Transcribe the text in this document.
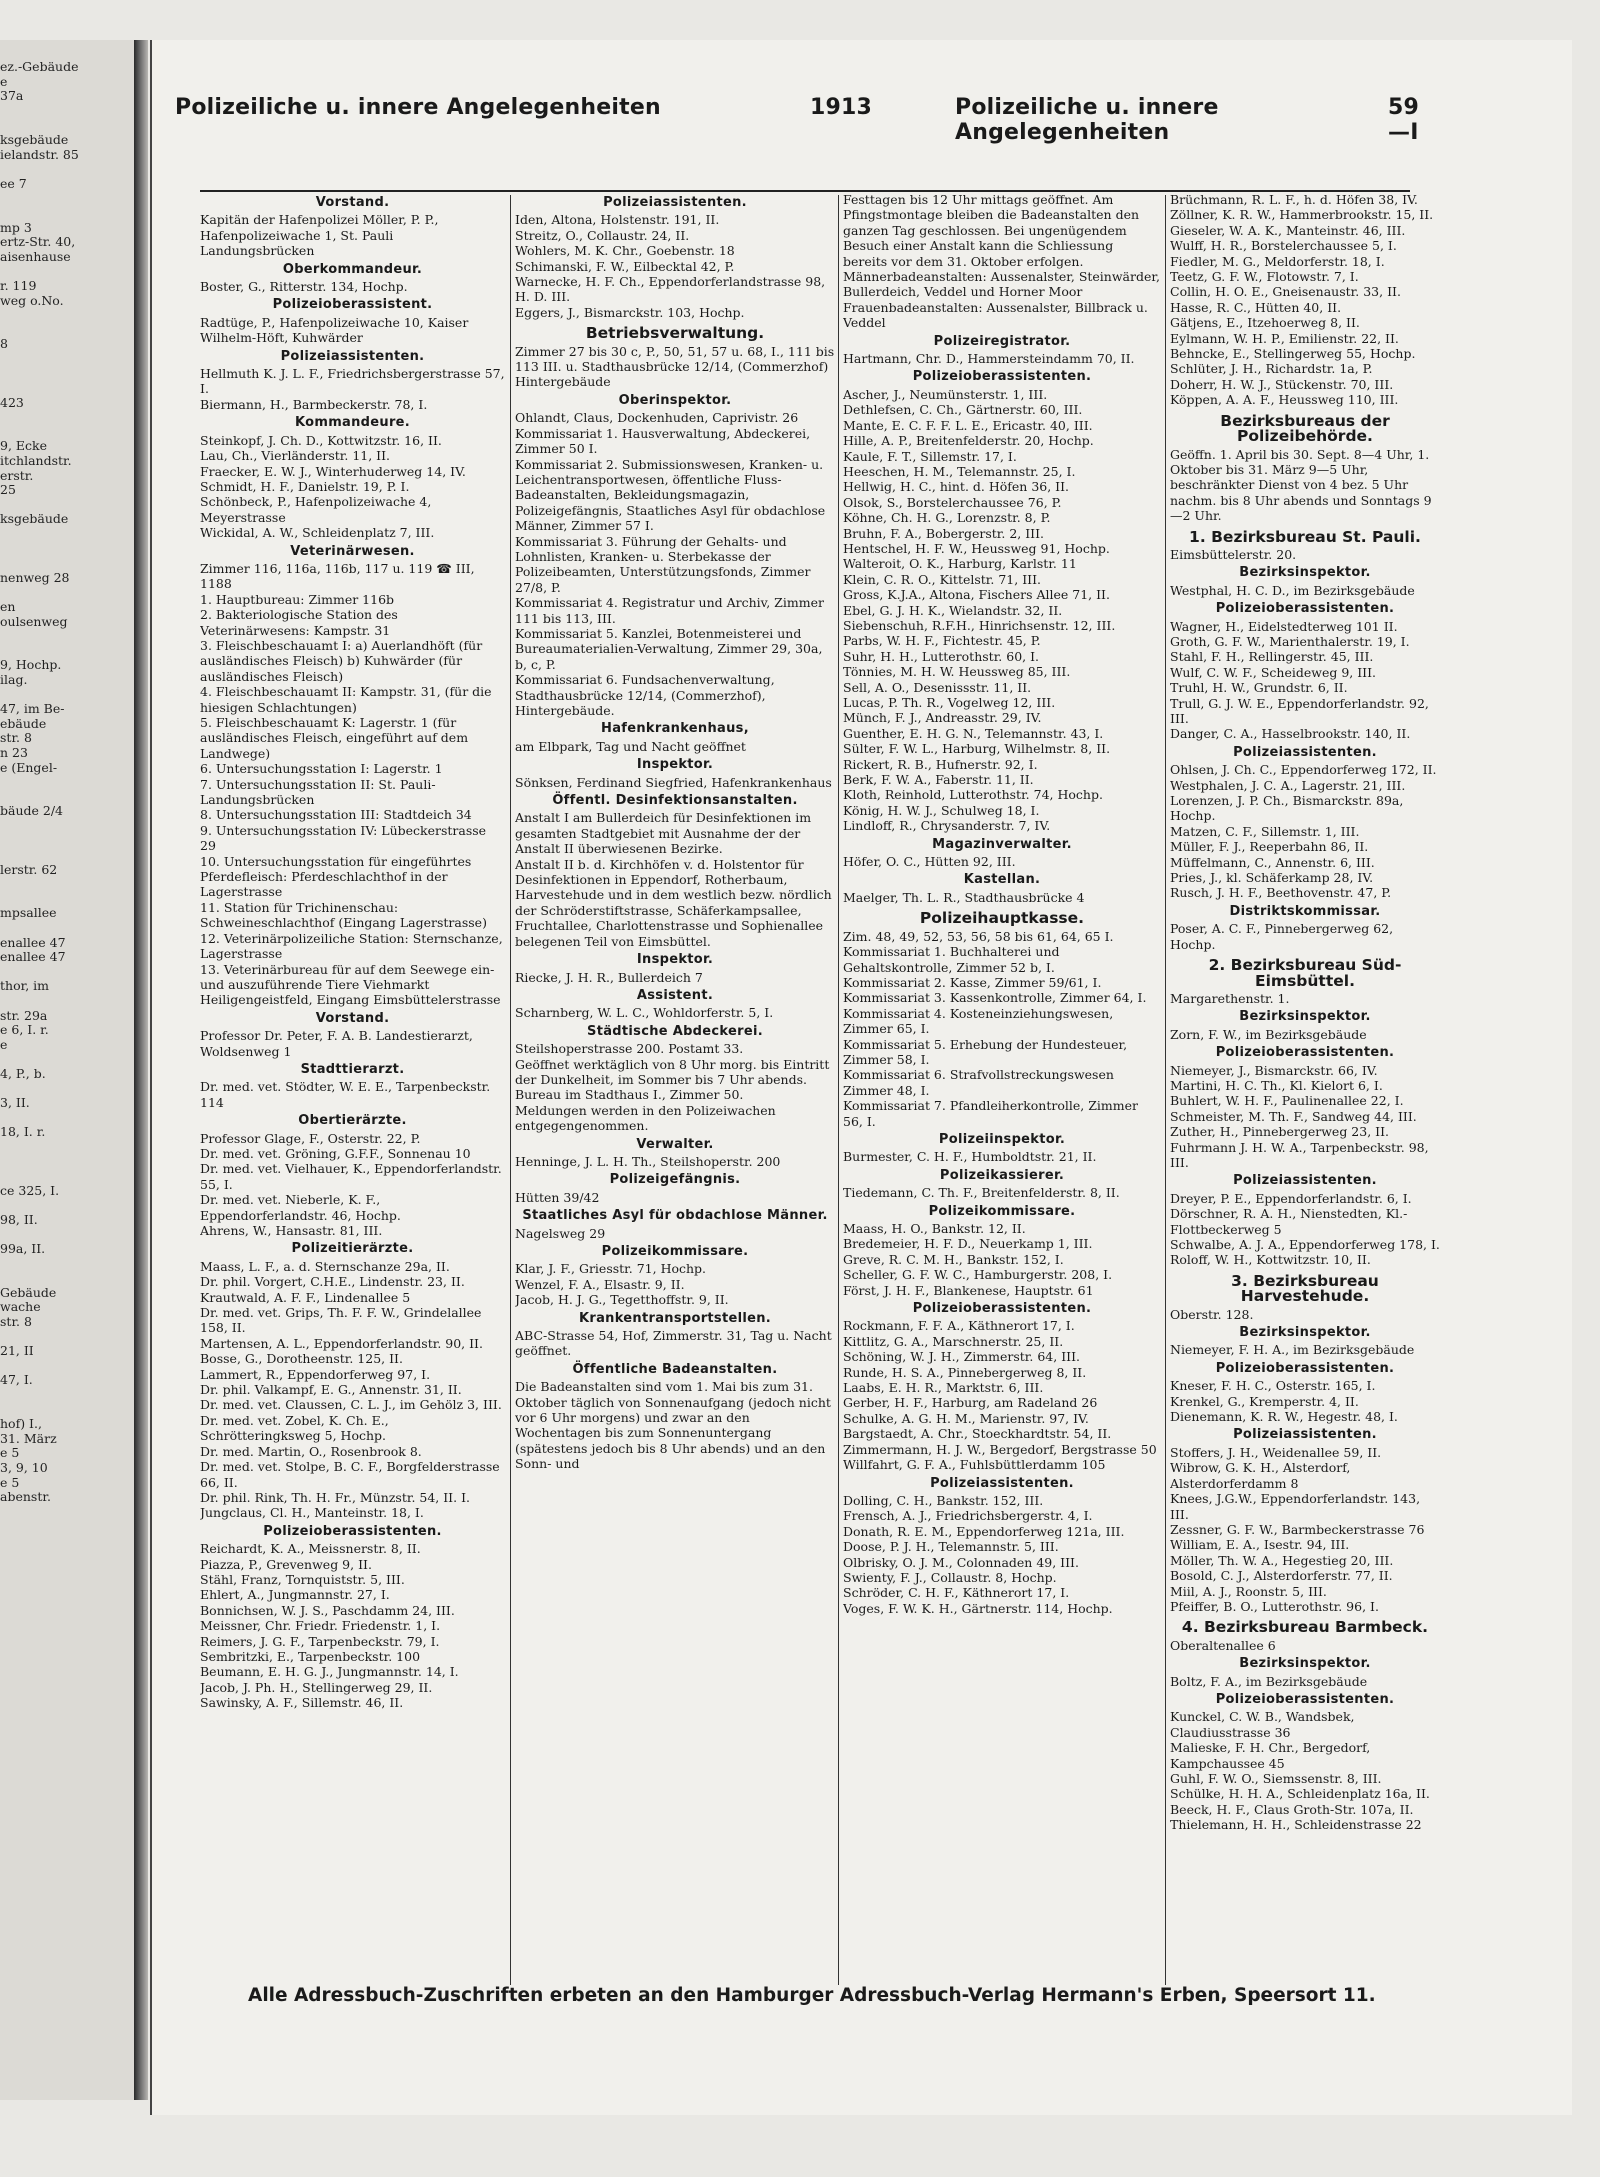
ez.-Gebäude
e
37a
ksgebäude
ielandstr. 85
ee 7
mp 3
ertz-Str. 40,
aisenhause
r. 119
weg o.No.
8
423
9, Ecke
itchlandstr.
erstr.
25
ksgebäude
nenweg 28
en
oulsenweg
9, Hochp.
ilag.
47, im Be-
ebäude
str. 8
n 23
e (Engel-
bäude 2/4
lerstr. 62
mpsallee
enallee 47
enallee 47
thor, im
str. 29a
e 6, I. r.
e
4, P., b.
3, II.
18, I. r.
ce 325, I.
98, II.
99a, II.
Gebäude
wache
str. 8
21, II
47, I.
hof) I.,
31. März
e 5
3, 9, 10
e 5
abenstr.
Polizeiliche u. innere Angelegenheiten	1913	Polizeiliche u. innere Angelegenheiten
59—I

Vorstand.

Kapitän der Hafenpolizei Möller, P. P., Hafenpolizeiwache 1, St. Pauli Landungsbrücken

Oberkommandeur.

Boster, G., Ritterstr. 134, Hochp.

Polizeioberassistent.

Radtüge, P., Hafenpolizeiwache 10, Kaiser Wilhelm-Höft, Kuhwärder

Polizeiassistenten.

Hellmuth K. J. L. F., Friedrichsbergerstrasse 57, I.

Biermann, H., Barmbeckerstr. 78, I.

Kommandeure.

Steinkopf, J. Ch. D., Kottwitzstr. 16, II.

Lau, Ch., Vierländerstr. 11, II.

Fraecker, E. W. J., Winterhuderweg 14, IV.

Schmidt, H. F., Danielstr. 19, P. I.

Schönbeck, P., Hafenpolizeiwache 4, Meyerstrasse

Wickidal, A. W., Schleidenplatz 7, III.

Veterinärwesen.

Zimmer 116, 116a, 116b, 117 u. 119 ☎ III, 1188

1. Hauptbureau: Zimmer 116b

2. Bakteriologische Station des Veterinärwesens: Kampstr. 31

3. Fleischbeschauamt I: a) Auerlandhöft (für ausländisches Fleisch) b) Kuhwärder (für ausländisches Fleisch)

4. Fleischbeschauamt II: Kampstr. 31, (für die hiesigen Schlachtungen)

5. Fleischbeschauamt K: Lagerstr. 1 (für ausländisches Fleisch, eingeführt auf dem Landwege)

6. Untersuchungsstation I: Lagerstr. 1

7. Untersuchungsstation II: St. Pauli-Landungsbrücken

8. Untersuchungsstation III: Stadtdeich 34

9. Untersuchungsstation IV: Lübeckerstrasse 29

10. Untersuchungsstation für eingeführtes Pferdefleisch: Pferdeschlachthof in der Lagerstrasse

11. Station für Trichinenschau: Schweineschlachthof (Eingang Lagerstrasse)

12. Veterinärpolizeiliche Station: Sternschanze, Lagerstrasse

13. Veterinärbureau für auf dem Seewege ein- und auszuführende Tiere Viehmarkt Heiligengeistfeld, Eingang Eimsbüttelerstrasse

Vorstand.

Professor Dr. Peter, F. A. B. Landestierarzt, Woldsenweg 1

Stadttierarzt.

Dr. med. vet. Stödter, W. E. E., Tarpenbeckstr. 114

Obertierärzte.

Professor Glage, F., Osterstr. 22, P.

Dr. med. vet. Gröning, G.F.F., Sonnenau 10

Dr. med. vet. Vielhauer, K., Eppendorferlandstr. 55, I.

Dr. med. vet. Nieberle, K. F., Eppendorferlandstr. 46, Hochp.

Ahrens, W., Hansastr. 81, III.

Polizeitierärzte.

Maass, L. F., a. d. Sternschanze 29a, II.

Dr. phil. Vorgert, C.H.E., Lindenstr. 23, II.

Krautwald, A. F. F., Lindenallee 5

Dr. med. vet. Grips, Th. F. F. W., Grindelallee 158, II.

Martensen, A. L., Eppendorferlandstr. 90, II.

Bosse, G., Dorotheenstr. 125, II.

Lammert, R., Eppendorferweg 97, I.

Dr. phil. Valkampf, E. G., Annenstr. 31, II.

Dr. med. vet. Claussen, C. L. J., im Gehölz 3, III.

Dr. med. vet. Zobel, K. Ch. E., Schrötteringksweg 5, Hochp.

Dr. med. Martin, O., Rosenbrook 8.

Dr. med. vet. Stolpe, B. C. F., Borgfelderstrasse 66, II.

Dr. phil. Rink, Th. H. Fr., Münzstr. 54, II. I.

Jungclaus, Cl. H., Manteinstr. 18, I.

Polizeioberassistenten.

Reichardt, K. A., Meissnerstr. 8, II.

Piazza, P., Grevenweg 9, II.

Stähl, Franz, Tornquiststr. 5, III.

Ehlert, A., Jungmannstr. 27, I.

Bonnichsen, W. J. S., Paschdamm 24, III.

Meissner, Chr. Friedr. Friedenstr. 1, I.

Reimers, J. G. F., Tarpenbeckstr. 79, I.

Sembritzki, E., Tarpenbeckstr. 100

Beumann, E. H. G. J., Jungmannstr. 14, I.

Jacob, J. Ph. H., Stellingerweg 29, II.

Sawinsky, A. F., Sillemstr. 46, II.

Polizeiassistenten.

Iden, Altona, Holstenstr. 191, II.

Streitz, O., Collaustr. 24, II.

Wohlers, M. K. Chr., Goebenstr. 18

Schimanski, F. W., Eilbecktal 42, P.

Warnecke, H. F. Ch., Eppendorferlandstrasse 98, H. D. III.

Eggers, J., Bismarckstr. 103, Hochp.

Betriebsverwaltung.

Zimmer 27 bis 30 c, P., 50, 51, 57 u. 68, I., 111 bis 113 III. u. Stadthausbrücke 12/14, (Commerzhof) Hintergebäude

Oberinspektor.

Ohlandt, Claus, Dockenhuden, Caprivistr. 26

Kommissariat 1. Hausverwaltung, Abdeckerei, Zimmer 50 I.

Kommissariat 2. Submissionswesen, Kranken- u. Leichentransportwesen, öffentliche Fluss-Badeanstalten, Bekleidungsmagazin, Polizeigefängnis, Staatliches Asyl für obdachlose Männer, Zimmer 57 I.

Kommissariat 3. Führung der Gehalts- und Lohnlisten, Kranken- u. Sterbekasse der Polizeibeamten, Unterstützungsfonds, Zimmer 27/8, P.

Kommissariat 4. Registratur und Archiv, Zimmer 111 bis 113, III.

Kommissariat 5. Kanzlei, Botenmeisterei und Bureaumaterialien-Verwaltung, Zimmer 29, 30a, b, c, P.

Kommissariat 6. Fundsachenverwaltung, Stadthausbrücke 12/14, (Commerzhof), Hintergebäude.

Hafenkrankenhaus,

am Elbpark, Tag und Nacht geöffnet

Inspektor.

Sönksen, Ferdinand Siegfried, Hafenkrankenhaus

Öffentl. Desinfektionsanstalten.

Anstalt I am Bullerdeich für Desinfektionen im gesamten Stadtgebiet mit Ausnahme der der Anstalt II überwiesenen Bezirke.

Anstalt II b. d. Kirchhöfen v. d. Holstentor für Desinfektionen in Eppendorf, Rotherbaum, Harvestehude und in dem westlich bezw. nördlich der Schröderstiftstrasse, Schäferkampsallee, Fruchtallee, Charlottenstrasse und Sophienallee belegenen Teil von Eimsbüttel.

Inspektor.

Riecke, J. H. R., Bullerdeich 7

Assistent.

Scharnberg, W. L. C., Wohldorferstr. 5, I.

Städtische Abdeckerei.

Steilshoperstrasse 200. Postamt 33.

Geöffnet werktäglich von 8 Uhr morg. bis Eintritt der Dunkelheit, im Sommer bis 7 Uhr abends. Bureau im Stadthaus I., Zimmer 50.

Meldungen werden in den Polizeiwachen entgegengenommen.

Verwalter.

Henninge, J. L. H. Th., Steilshoperstr. 200

Polizeigefängnis.

Hütten 39/42

Staatliches Asyl für obdachlose Männer.

Nagelsweg 29

Polizeikommissare.

Klar, J. F., Griesstr. 71, Hochp.

Wenzel, F. A., Elsastr. 9, II.

Jacob, H. J. G., Tegetthoffstr. 9, II.

Krankentransportstellen.

ABC-Strasse 54, Hof, Zimmerstr. 31, Tag u. Nacht geöffnet.

Öffentliche Badeanstalten.

Die Badeanstalten sind vom 1. Mai bis zum 31. Oktober täglich von Sonnenaufgang (jedoch nicht vor 6 Uhr morgens) und zwar an den Wochentagen bis zum Sonnenuntergang (spätestens jedoch bis 8 Uhr abends) und an den Sonn- und

Festtagen bis 12 Uhr mittags geöffnet. Am Pfingstmontage bleiben die Badeanstalten den ganzen Tag geschlossen. Bei ungenügendem Besuch einer Anstalt kann die Schliessung bereits vor dem 31. Oktober erfolgen.

Männerbadeanstalten: Aussenalster, Steinwärder, Bullerdeich, Veddel und Horner Moor

Frauenbadeanstalten: Aussenalster, Billbrack u. Veddel

Polizeiregistrator.

Hartmann, Chr. D., Hammersteindamm 70, II.

Polizeioberassistenten.

Ascher, J., Neumünsterstr. 1, III.

Dethlefsen, C. Ch., Gärtnerstr. 60, III.

Mante, E. C. F. F. L. E., Ericastr. 40, III.

Hille, A. P., Breitenfelderstr. 20, Hochp.

Kaule, F. T., Sillemstr. 17, I.

Heeschen, H. M., Telemannstr. 25, I.

Hellwig, H. C., hint. d. Höfen 36, II.

Olsok, S., Borstelerchaussee 76, P.

Köhne, Ch. H. G., Lorenzstr. 8, P.

Bruhn, F. A., Bobergerstr. 2, III.

Hentschel, H. F. W., Heussweg 91, Hochp.

Walteroit, O. K., Harburg, Karlstr. 11

Klein, C. R. O., Kittelstr. 71, III.

Gross, K.J.A., Altona, Fischers Allee 71, II.

Ebel, G. J. H. K., Wielandstr. 32, II.

Siebenschuh, R.F.H., Hinrichsenstr. 12, III.

Parbs, W. H. F., Fichtestr. 45, P.

Suhr, H. H., Lutterothstr. 60, I.

Tönnies, M. H. W. Heussweg 85, III.

Sell, A. O., Desenissstr. 11, II.

Lucas, P. Th. R., Vogelweg 12, III.

Münch, F. J., Andreasstr. 29, IV.

Guenther, E. H. G. N., Telemannstr. 43, I.

Sülter, F. W. L., Harburg, Wilhelmstr. 8, II.

Rickert, R. B., Hufnerstr. 92, I.

Berk, F. W. A., Faberstr. 11, II.

Kloth, Reinhold, Lutterothstr. 74, Hochp.

König, H. W. J., Schulweg 18, I.

Lindloff, R., Chrysanderstr. 7, IV.

Magazinverwalter.

Höfer, O. C., Hütten 92, III.

Kastellan.

Maelger, Th. L. R., Stadthausbrücke 4

Polizeihauptkasse.

Zim. 48, 49, 52, 53, 56, 58 bis 61, 64, 65 I.

Kommissariat 1. Buchhalterei und Gehaltskontrolle, Zimmer 52 b, I.

Kommissariat 2. Kasse, Zimmer 59/61, I.

Kommissariat 3. Kassenkontrolle, Zimmer 64, I.

Kommissariat 4. Kosteneinziehungswesen, Zimmer 65, I.

Kommissariat 5. Erhebung der Hundesteuer, Zimmer 58, I.

Kommissariat 6. Strafvollstreckungswesen Zimmer 48, I.

Kommissariat 7. Pfandleiherkontrolle, Zimmer 56, I.

Polizeiinspektor.

Burmester, C. H. F., Humboldtstr. 21, II.

Polizeikassierer.

Tiedemann, C. Th. F., Breitenfelderstr. 8, II.

Polizeikommissare.

Maass, H. O., Bankstr. 12, II.

Bredemeier, H. F. D., Neuerkamp 1, III.

Greve, R. C. M. H., Bankstr. 152, I.

Scheller, G. F. W. C., Hamburgerstr. 208, I.

Först, J. H. F., Blankenese, Hauptstr. 61

Polizeioberassistenten.

Rockmann, F. F. A., Käthnerort 17, I.

Kittlitz, G. A., Marschnerstr. 25, II.

Schöning, W. J. H., Zimmerstr. 64, III.

Runde, H. S. A., Pinnebergerweg 8, II.

Laabs, E. H. R., Marktstr. 6, III.

Gerber, H. F., Harburg, am Radeland 26

Schulke, A. G. H. M., Marienstr. 97, IV.

Bargstaedt, A. Chr., Stoeckhardtstr. 54, II.

Zimmermann, H. J. W., Bergedorf, Bergstrasse 50

Willfahrt, G. F. A., Fuhlsbüttlerdamm 105

Polizeiassistenten.

Dolling, C. H., Bankstr. 152, III.

Frensch, A. J., Friedrichsbergerstr. 4, I.

Donath, R. E. M., Eppendorferweg 121a, III.

Doose, P. J. H., Telemannstr. 5, III.

Olbrisky, O. J. M., Colonnaden 49, III.

Swienty, F. J., Collaustr. 8, Hochp.

Schröder, C. H. F., Käthnerort 17, I.

Voges, F. W. K. H., Gärtnerstr. 114, Hochp.

Brüchmann, R. L. F., h. d. Höfen 38, IV.

Zöllner, K. R. W., Hammerbrookstr. 15, II.

Gieseler, W. A. K., Manteinstr. 46, III.

Wulff, H. R., Borstelerchaussee 5, I.

Fiedler, M. G., Meldorferstr. 18, I.

Teetz, G. F. W., Flotowstr. 7, I.

Collin, H. O. E., Gneisenaustr. 33, II.

Hasse, R. C., Hütten 40, II.

Gätjens, E., Itzehoerweg 8, II.

Eylmann, W. H. P., Emilienstr. 22, II.

Behncke, E., Stellingerweg 55, Hochp.

Schlüter, J. H., Richardstr. 1a, P.

Doherr, H. W. J., Stückenstr. 70, III.

Köppen, A. A. F., Heussweg 110, III.

Bezirksbureaus der Polizeibehörde.

Geöffn. 1. April bis 30. Sept. 8—4 Uhr, 1. Oktober bis 31. März 9—5 Uhr, beschränkter Dienst von 4 bez. 5 Uhr nachm. bis 8 Uhr abends und Sonntags 9—2 Uhr.

1. Bezirksbureau St. Pauli.

Eimsbüttelerstr. 20.

Bezirksinspektor.

Westphal, H. C. D., im Bezirksgebäude

Polizeioberassistenten.

Wagner, H., Eidelstedterweg 101 II.

Groth, G. F. W., Marienthalerstr. 19, I.

Stahl, F. H., Rellingerstr. 45, III.

Wulf, C. W. F., Scheideweg 9, III.

Truhl, H. W., Grundstr. 6, II.

Trull, G. J. W. E., Eppendorferlandstr. 92, III.

Danger, C. A., Hasselbrookstr. 140, II.

Polizeiassistenten.

Ohlsen, J. Ch. C., Eppendorferweg 172, II.

Westphalen, J. C. A., Lagerstr. 21, III.

Lorenzen, J. P. Ch., Bismarckstr. 89a, Hochp.

Matzen, C. F., Sillemstr. 1, III.

Müller, F. J., Reeperbahn 86, II.

Müffelmann, C., Annenstr. 6, III.

Pries, J., kl. Schäferkamp 28, IV.

Rusch, J. H. F., Beethovenstr. 47, P.

Distriktskommissar.

Poser, A. C. F., Pinnebergerweg 62, Hochp.

2. Bezirksbureau Süd-Eimsbüttel.

Margarethenstr. 1.

Bezirksinspektor.

Zorn, F. W., im Bezirksgebäude

Polizeioberassistenten.

Niemeyer, J., Bismarckstr. 66, IV.

Martini, H. C. Th., Kl. Kielort 6, I.

Buhlert, W. H. F., Paulinenallee 22, I.

Schmeister, M. Th. F., Sandweg 44, III.

Zuther, H., Pinnebergerweg 23, II.

Fuhrmann J. H. W. A., Tarpenbeckstr. 98, III.

Polizeiassistenten.

Dreyer, P. E., Eppendorferlandstr. 6, I.

Dörschner, R. A. H., Nienstedten, Kl.-Flottbeckerweg 5

Schwalbe, A. J. A., Eppendorferweg 178, I.

Roloff, W. H., Kottwitzstr. 10, II.

3. Bezirksbureau Harvestehude.

Oberstr. 128.

Bezirksinspektor.

Niemeyer, F. H. A., im Bezirksgebäude

Polizeioberassistenten.

Kneser, F. H. C., Osterstr. 165, I.

Krenkel, G., Kremperstr. 4, II.

Dienemann, K. R. W., Hegestr. 48, I.

Polizeiassistenten.

Stoffers, J. H., Weidenallee 59, II.

Wibrow, G. K. H., Alsterdorf, Alsterdorferdamm 8

Knees, J.G.W., Eppendorferlandstr. 143, III.

Zessner, G. F. W., Barmbeckerstrasse 76

William, E. A., Isestr. 94, III.

Möller, Th. W. A., Hegestieg 20, III.

Bosold, C. J., Alsterdorferstr. 77, II.

Miil, A. J., Roonstr. 5, III.

Pfeiffer, B. O., Lutterothstr. 96, I.

4. Bezirksbureau Barmbeck.

Oberaltenallee 6

Bezirksinspektor.

Boltz, F. A., im Bezirksgebäude

Polizeioberassistenten.

Kunckel, C. W. B., Wandsbek, Claudiusstrasse 36

Malieske, F. H. Chr., Bergedorf, Kampchaussee 45

Guhl, F. W. O., Siemssenstr. 8, III.

Schülke, H. H. A., Schleidenplatz 16a, II.

Beeck, H. F., Claus Groth-Str. 107a, II.

Thielemann, H. H., Schleidenstrasse 22

Alle Adressbuch-Zuschriften erbeten an den Hamburger Adressbuch-Verlag Hermann's Erben, Speersort 11.
